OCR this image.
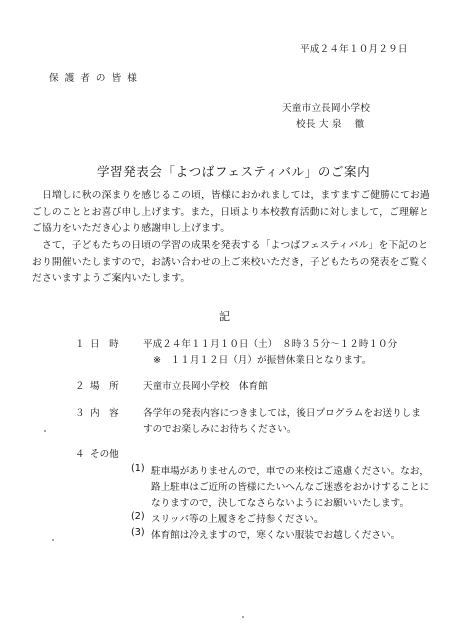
平成２４年１０月２９日
保 護 者 の 皆 様
天童市立長岡小学校
校長 大 泉    徹
学習発表会「よつばフェスティバル」のご案内

　日増しに秋の深まりを感じるこの頃，皆様におかれましては，ますますご健勝にてお過

ごしのこととお喜び申し上げます。また，日頃より本校教育活動に対しまして，ご理解と

ご協力をいただき心より感謝申し上げます。

　さて，子どもたちの日頃の学習の成果を発表する「よつばフェスティバル」を下記のと

おり開催いたしますので，お誘い合わせの上ご来校いただき，子どもたちの発表をご覧く

ださいますようご案内いたします。

記
１ 日　時	平成２４年１１月１０日（土）　８時３５分～１２時１０分
※　１１月１２日（月）が振替休業日となります。
２ 場　所	天童市立長岡小学校　体育館
３ 内　容	各学年の発表内容につきましては，後日プログラムをお送りしま
すのでお楽しみにお待ちください。
４ その他
(1) 駐車場がありませんので，車での来校はご遠慮ください。なお，
路上駐車はご近所の皆様にたいへんなご迷惑をおかけすることに
なりますので，決してなさらないようにお願いいたします。
(2) スリッパ等の上履きをご持参ください。
(3) 体育館は冷えますので，寒くない服装でお越しください。
